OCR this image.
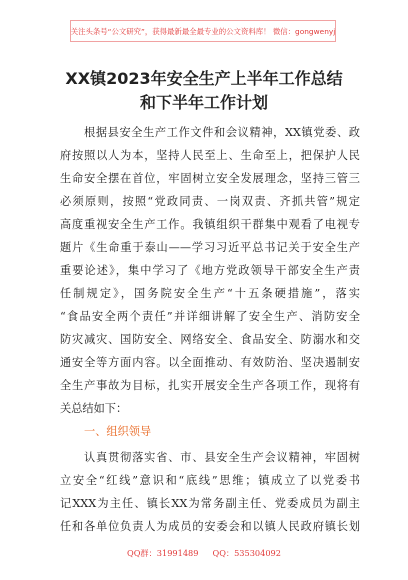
关注头条号“公文研究”，获得最新最全最专业的公文资料库！ 微信：gongwenyj
XX镇2023年安全生产上半年工作总结
和下半年工作计划
根据县安全生产工作文件和会议精神，XX镇党委、政
府按照以人为本，坚持人民至上、生命至上，把保护人民
生命安全摆在首位，牢固树立安全发展理念，坚持三管三
必须原则，按照“党政同责、一岗双责、齐抓共管”规定
高度重视安全生产工作。我镇组织干群集中观看了电视专
题片《生命重于泰山——学习习近平总书记关于安全生产
重要论述》，集中学习了《地方党政领导干部安全生产责
任制规定》，国务院安全生产“十五条硬措施”，落实
“食品安全两个责任”并详细讲解了安全生产、消防安全
防灾减灾、国防安全、网络安全、食品安全、防溺水和交
通安全等方面内容。以全面推动、有效防治、坚决遏制安
全生产事故为目标，扎实开展安全生产各项工作，现将有
关总结如下：
一、组织领导
认真贯彻落实省、市、县安全生产会议精神，牢固树
立安全“红线”意识和“底线”思维；镇成立了以党委书
记XXX为主任、镇长XX为常务副主任、党委成员为副主
任和各单位负责人为成员的安委会和以镇人民政府镇长划
QQ群：31991489 QQ：535304092
